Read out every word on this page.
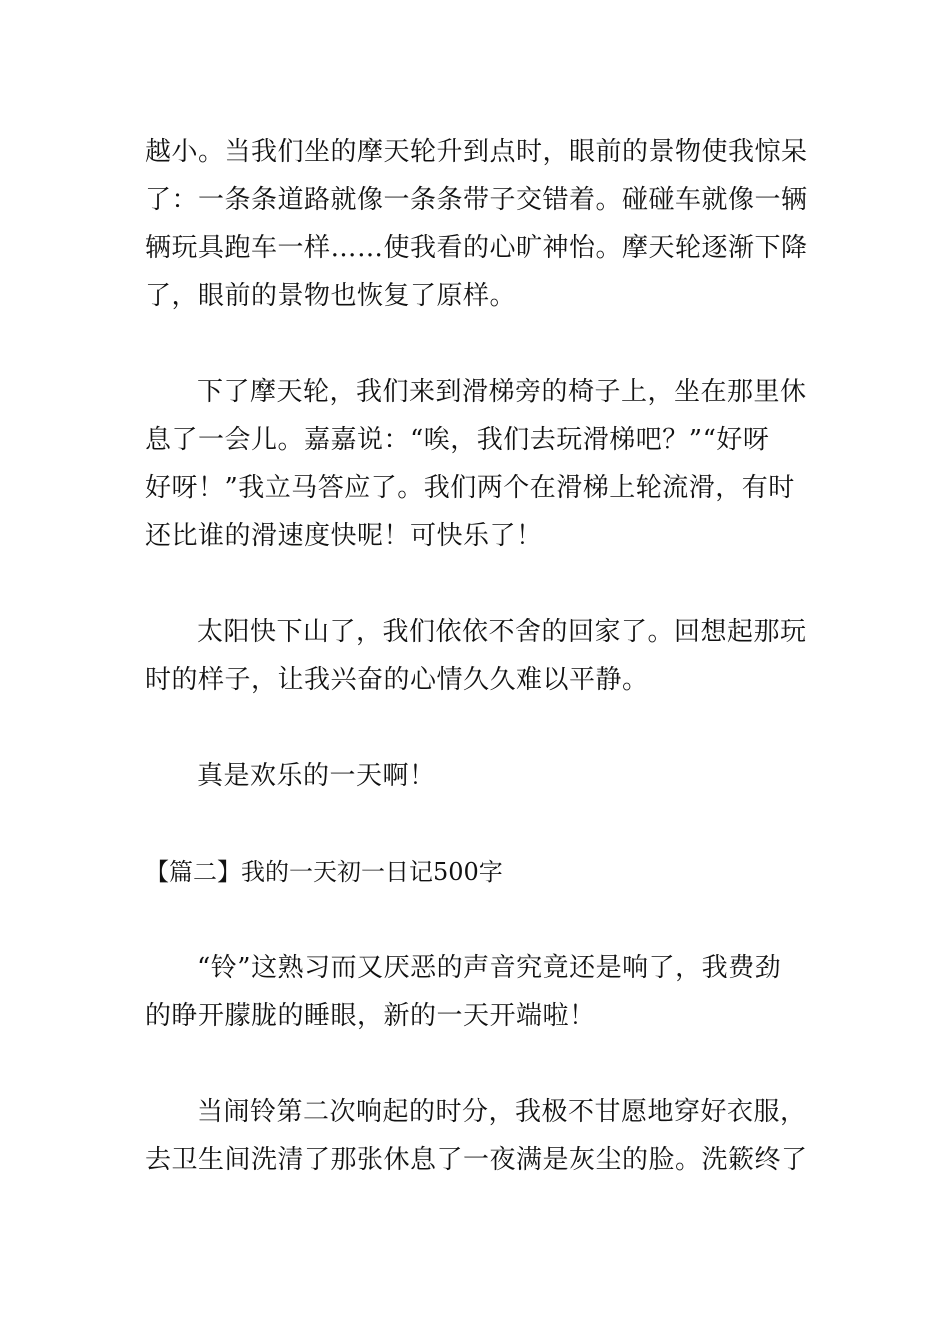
越小。当我们坐的摩天轮升到点时，眼前的景物使我惊呆
了：一条条道路就像一条条带子交错着。碰碰车就像一辆
辆玩具跑车一样……使我看的心旷神怡。摩天轮逐渐下降
了，眼前的景物也恢复了原样。

下了摩天轮，我们来到滑梯旁的椅子上，坐在那里休
息了一会儿。嘉嘉说：“唉，我们去玩滑梯吧？”“好呀
好呀！”我立马答应了。我们两个在滑梯上轮流滑，有时
还比谁的滑速度快呢！可快乐了！

太阳快下山了，我们依依不舍的回家了。回想起那玩
时的样子，让我兴奋的心情久久难以平静。

真是欢乐的一天啊！

【篇二】我的一天初一日记500字

“铃”这熟习而又厌恶的声音究竟还是响了，我费劲
的睁开朦胧的睡眼，新的一天开端啦！

当闹铃第二次响起的时分，我极不甘愿地穿好衣服，
去卫生间洗清了那张休息了一夜满是灰尘的脸。洗簌终了
